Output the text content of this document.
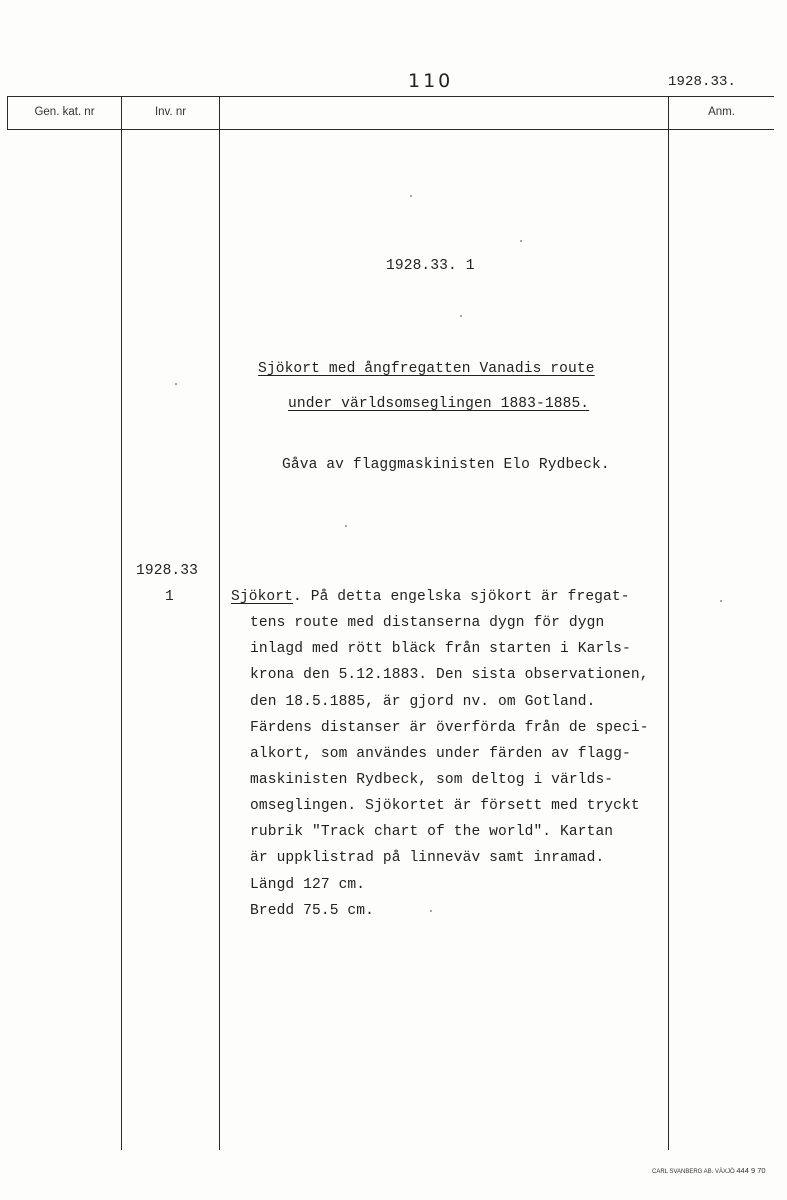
110	1928.33.
Gen. kat. nr	Inv. nr	Anm.
1928.33. 1
Sjökort med ångfregatten Vanadis route
under världsomseglingen 1883-1885.
Gåva av flaggmaskinisten Elo Rydbeck.
1928.33
1	Sjökort. På detta engelska sjökort är fregat-
tens route med distanserna dygn för dygn
inlagd med rött bläck från starten i Karls-
krona den 5.12.1883. Den sista observationen,
den 18.5.1885, är gjord nv. om Gotland.
Färdens distanser är överförda från de speci-
alkort, som användes under färden av flagg-
maskinisten Rydbeck, som deltog i världs-
omseglingen. Sjökortet är försett med tryckt
rubrik "Track chart of the world". Kartan
är uppklistrad på linneväv samt inramad.
Längd 127 cm.
Bredd 75.5 cm.
CARL SVANBERG AB. VÄXJÖ 444 9 70
